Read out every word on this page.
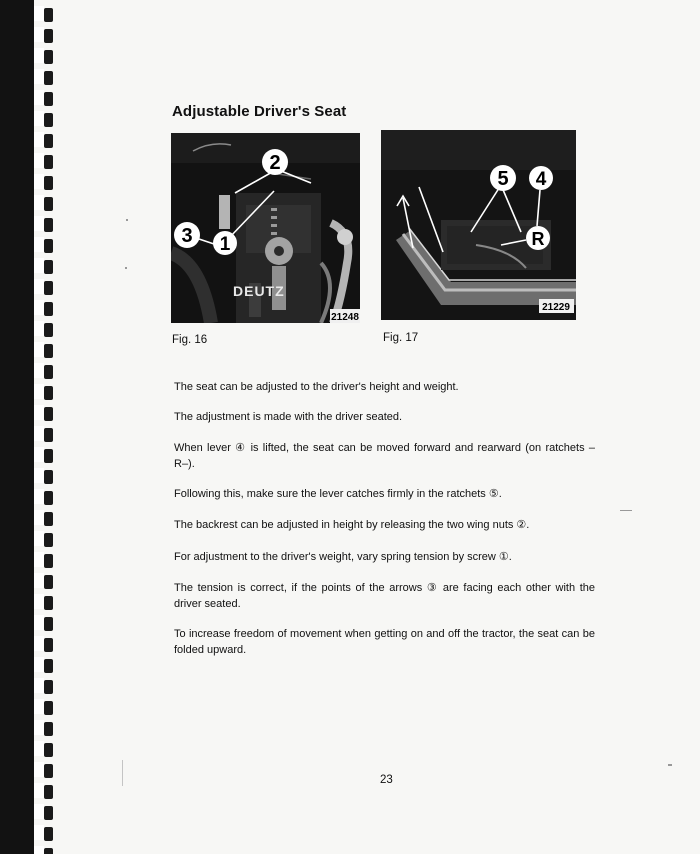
Adjustable Driver's Seat
2
3 1
DEUTZ
21248
5 4
R
21229
Fig. 16	Fig. 17
The seat can be adjusted to the driver's height and weight.
The adjustment is made with the driver seated.
When lever ④ is lifted, the seat can be moved forward and rearward (on ratchets –R–).
Following this, make sure the lever catches firmly in the ratchets ⑤.
The backrest can be adjusted in height by releasing the two wing nuts ②.
For adjustment to the driver's weight, vary spring tension by screw ①.
The tension is correct, if the points of the arrows ③ are facing each other with the driver seated.
To increase freedom of movement when getting on and off the tractor, the seat can be folded upward.
23
